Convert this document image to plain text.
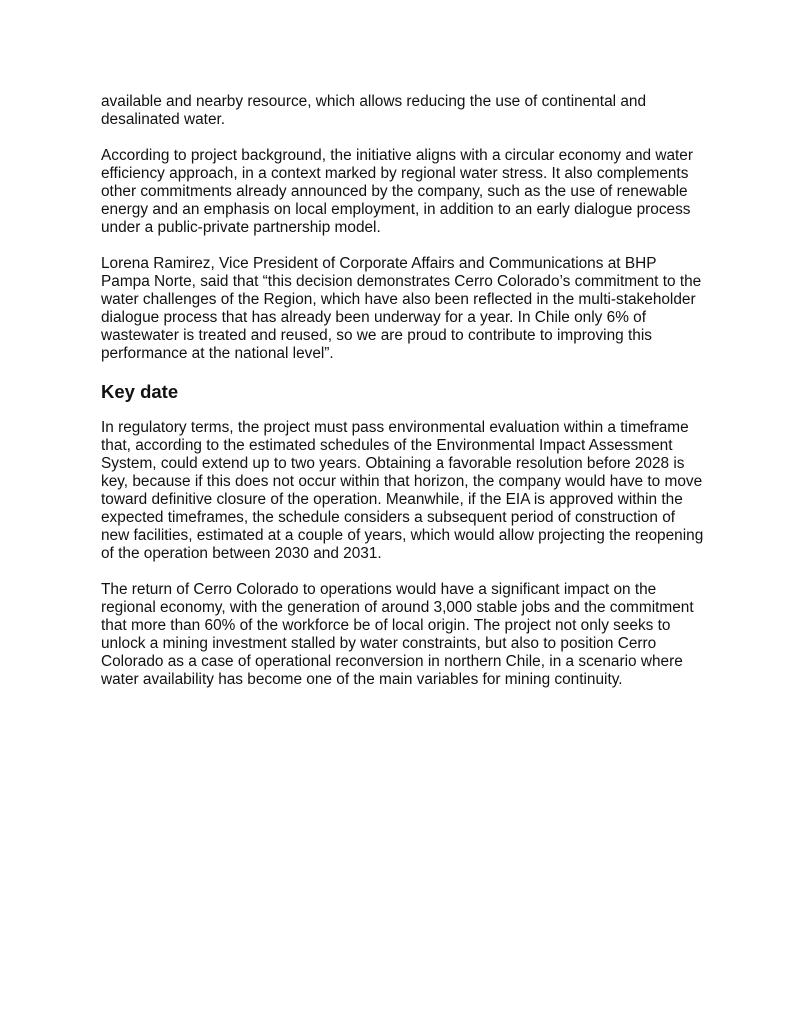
available and nearby resource, which allows reducing the use of continental and desalinated water.

According to project background, the initiative aligns with a circular economy and water efficiency approach, in a context marked by regional water stress. It also complements other commitments already announced by the company, such as the use of renewable energy and an emphasis on local employment, in addition to an early dialogue process under a public-private partnership model.

Lorena Ramirez, Vice President of Corporate Affairs and Communications at BHP Pampa Norte, said that “this decision demonstrates Cerro Colorado’s commitment to the water challenges of the Region, which have also been reflected in the multi-stakeholder dialogue process that has already been underway for a year. In Chile only 6% of wastewater is treated and reused, so we are proud to contribute to improving this performance at the national level”.

Key date

In regulatory terms, the project must pass environmental evaluation within a timeframe that, according to the estimated schedules of the Environmental Impact Assessment System, could extend up to two years. Obtaining a favorable resolution before 2028 is key, because if this does not occur within that horizon, the company would have to move toward definitive closure of the operation. Meanwhile, if the EIA is approved within the expected timeframes, the schedule considers a subsequent period of construction of new facilities, estimated at a couple of years, which would allow projecting the reopening of the operation between 2030 and 2031.

The return of Cerro Colorado to operations would have a significant impact on the regional economy, with the generation of around 3,000 stable jobs and the commitment that more than 60% of the workforce be of local origin. The project not only seeks to unlock a mining investment stalled by water constraints, but also to position Cerro Colorado as a case of operational reconversion in northern Chile, in a scenario where water availability has become one of the main variables for mining continuity.
